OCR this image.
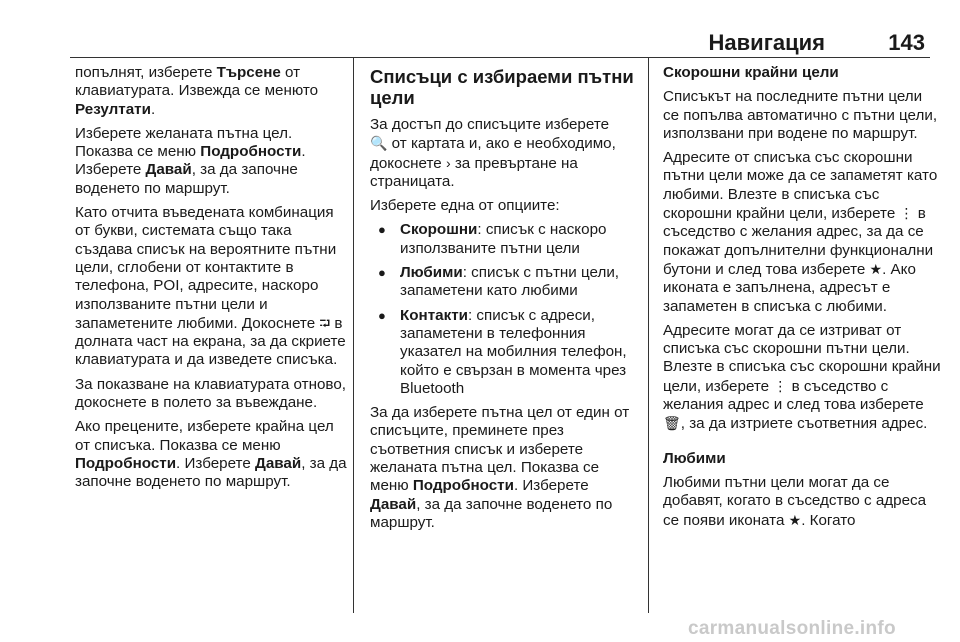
Навигация	143

попълнят, изберете Търсене от клавиатурата. Извежда се менюто Резултати.

Изберете желаната пътна цел. Показва се меню Подробности. Изберете Давай, за да започне воденето по маршрут.

Като отчита въведената комбинация от букви, системата също така създава списък на вероятните пътни цели, сглобени от контактите в телефона, POI, адресите, наскоро използваните пътни цели и запаметените любими. Докоснете ⮒ в долната част на екрана, за да скриете клавиатурата и да изведете списъка.

За показване на клавиатурата отново, докоснете в полето за въвеждане.

Ако прецените, изберете крайна цел от списъка. Показва се меню Подробности. Изберете Давай, за да започне воденето по маршрут.

Списъци с избираеми пътни цели

За достъп до списъците изберете
🔍 от картата и, ако е необходимо, докоснете › за превъртане на страницата.

Изберете една от опциите:

● Скорошни: списък с наскоро използваните пътни цели
● Любими: списък с пътни цели, запаметени като любими
● Контакти: списък с адреси, запаметени в телефонния указател на мобилния телефон, който е свързан в момента чрез Bluetooth

За да изберете пътна цел от един от списъците, преминете през съответния списък и изберете желаната пътна цел. Показва се меню Подробности. Изберете Давай, за да започне воденето по маршрут.

Скорошни крайни цели

Списъкът на последните пътни цели се попълва автоматично с пътни цели, използвани при водене по маршрут.

Адресите от списъка със скорошни пътни цели може да се запаметят като любими. Влезте в списъка със скорошни крайни цели, изберете ⋮ в съседство с желания адрес, за да се покажат допълнителни функционални бутони и след това изберете ★. Ако иконата е запълнена, адресът е запаметен в списъка с любими.

Адресите могат да се изтриват от списъка със скорошни пътни цели. Влезте в списъка със скорошни крайни цели, изберете ⋮ в съседство с желания адрес и след това изберете 🗑, за да изтриете съответния адрес.

Любими

Любими пътни цели могат да се добавят, когато в съседство с адреса се появи иконата ★. Когато

carmanualsonline.info
